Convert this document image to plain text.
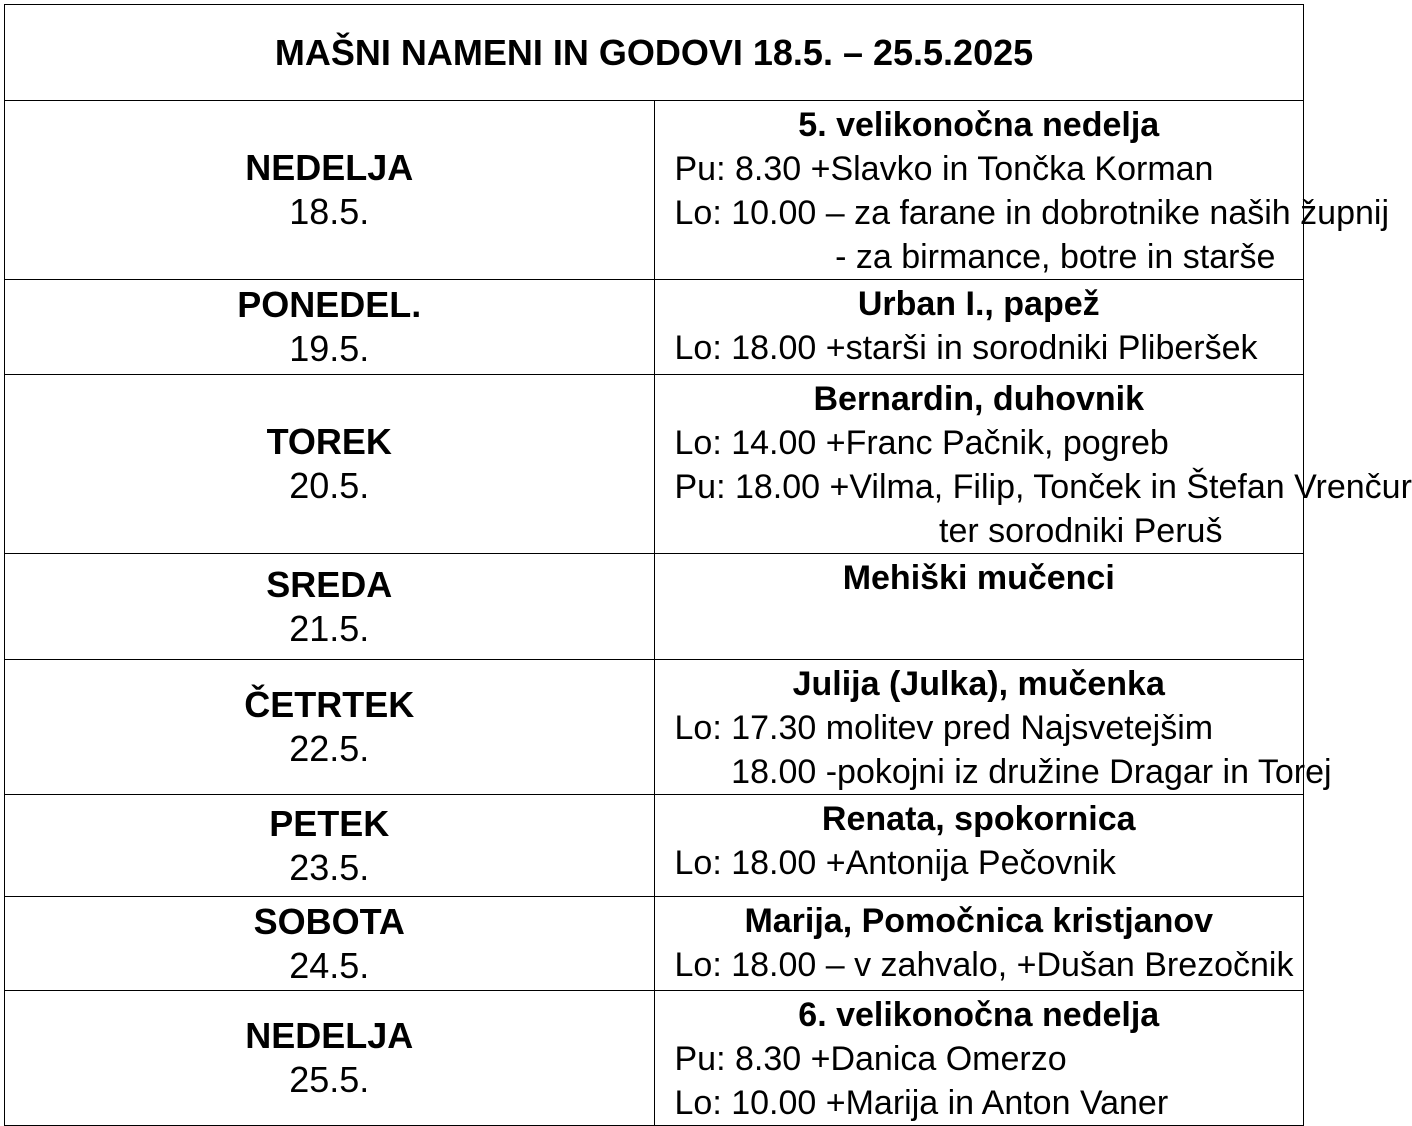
MAŠNI NAMENI IN GODOVI 18.5. – 25.5.2025	

NEDELJA
18.5.	5. velikonočna nedelja
Pu: 8.30 +Slavko in Tončka Korman
Lo: 10.00 – za farane in dobrotnike naših župnij
- za birmance, botre in starše

PONEDEL.
19.5.	Urban I., papež
Lo: 18.00 +starši in sorodniki Pliberšek

TOREK
20.5.	Bernardin, duhovnik
Lo: 14.00 +Franc Pačnik, pogreb
Pu: 18.00 +Vilma, Filip, Tonček in Štefan Vrenčur
ter sorodniki Peruš

SREDA
21.5.	Mehiški mučenci

ČETRTEK
22.5.	Julija (Julka), mučenka
Lo: 17.30 molitev pred Najsvetejšim
18.00 -pokojni iz družine Dragar in Torej

PETEK
23.5.	Renata, spokornica
Lo: 18.00 +Antonija Pečovnik

SOBOTA
24.5.	Marija, Pomočnica kristjanov
Lo: 18.00 – v zahvalo, +Dušan Brezočnik

NEDELJA
25.5.	6. velikonočna nedelja
Pu: 8.30 +Danica Omerzo
Lo: 10.00 +Marija in Anton Vaner
